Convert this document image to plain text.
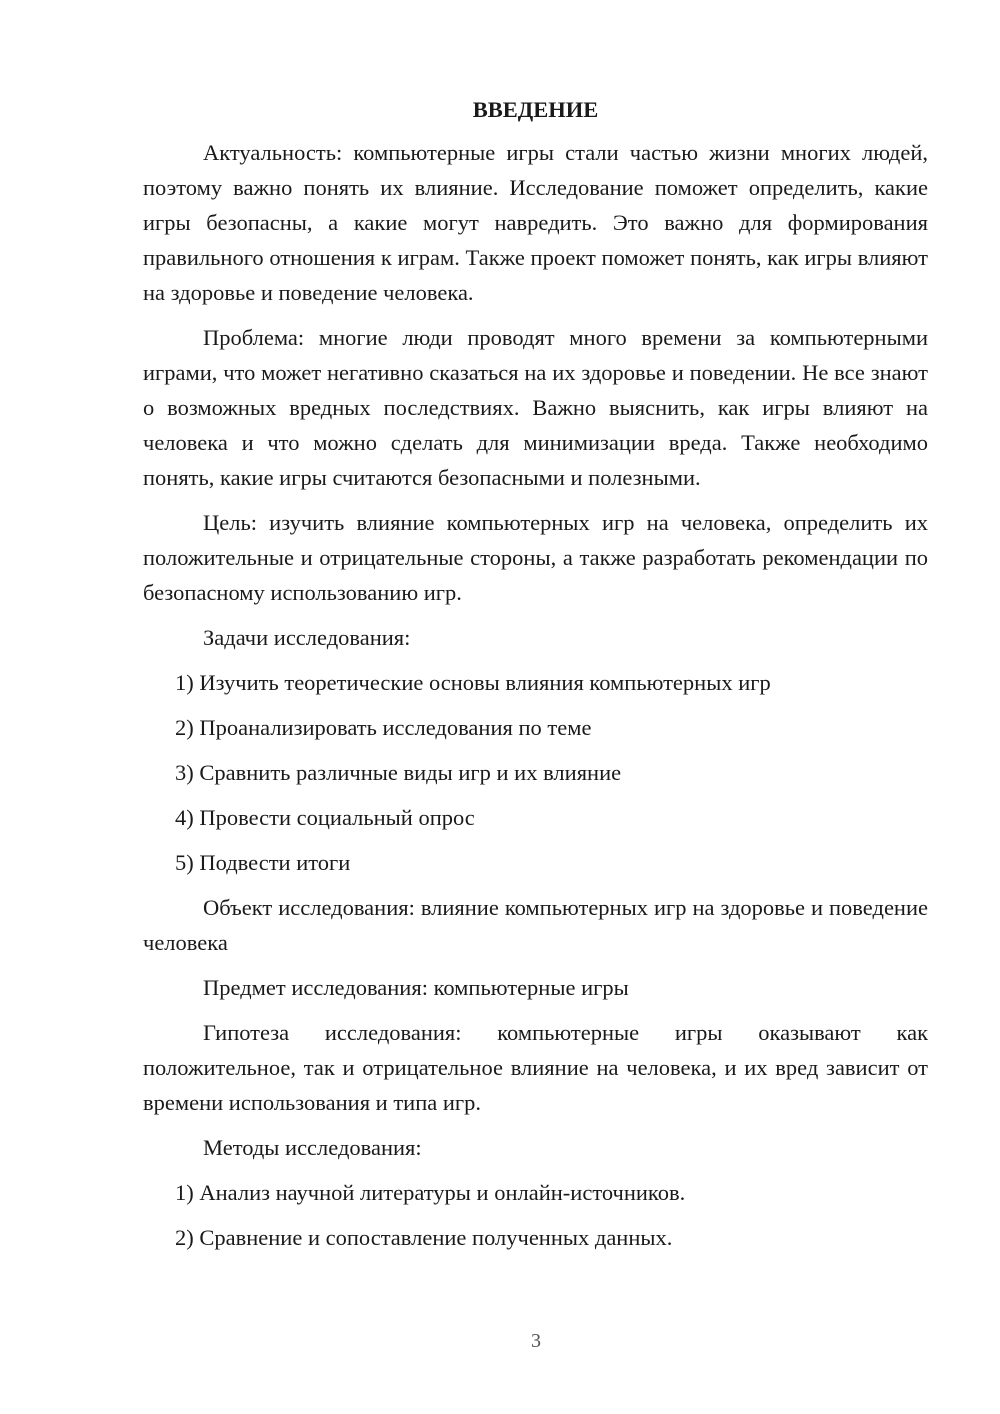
ВВЕДЕНИЕ

Актуальность: компьютерные игры стали частью жизни многих людей, поэтому важно понять их влияние. Исследование поможет определить, какие игры безопасны, а какие могут навредить. Это важно для формирования правильного отношения к играм. Также проект поможет понять, как игры влияют на здоровье и поведение человека.

Проблема: многие люди проводят много времени за компьютерными играми, что может негативно сказаться на их здоровье и поведении. Не все знают о возможных вредных последствиях. Важно выяснить, как игры влияют на человека и что можно сделать для минимизации вреда. Также необходимо понять, какие игры считаются безопасными и полезными.

Цель: изучить влияние компьютерных игр на человека, определить их положительные и отрицательные стороны, а также разработать рекомендации по безопасному использованию игр.

Задачи исследования:

1) Изучить теоретические основы влияния компьютерных игр

2) Проанализировать исследования по теме

3) Сравнить различные виды игр и их влияние

4) Провести социальный опрос

5) Подвести итоги

Объект исследования: влияние компьютерных игр на здоровье и поведение человека

Предмет исследования: компьютерные игры

Гипотеза исследования: компьютерные игры оказывают как положительное, так и отрицательное влияние на человека, и их вред зависит от времени использования и типа игр.

Методы исследования:

1) Анализ научной литературы и онлайн-источников.

2) Сравнение и сопоставление полученных данных.

3
